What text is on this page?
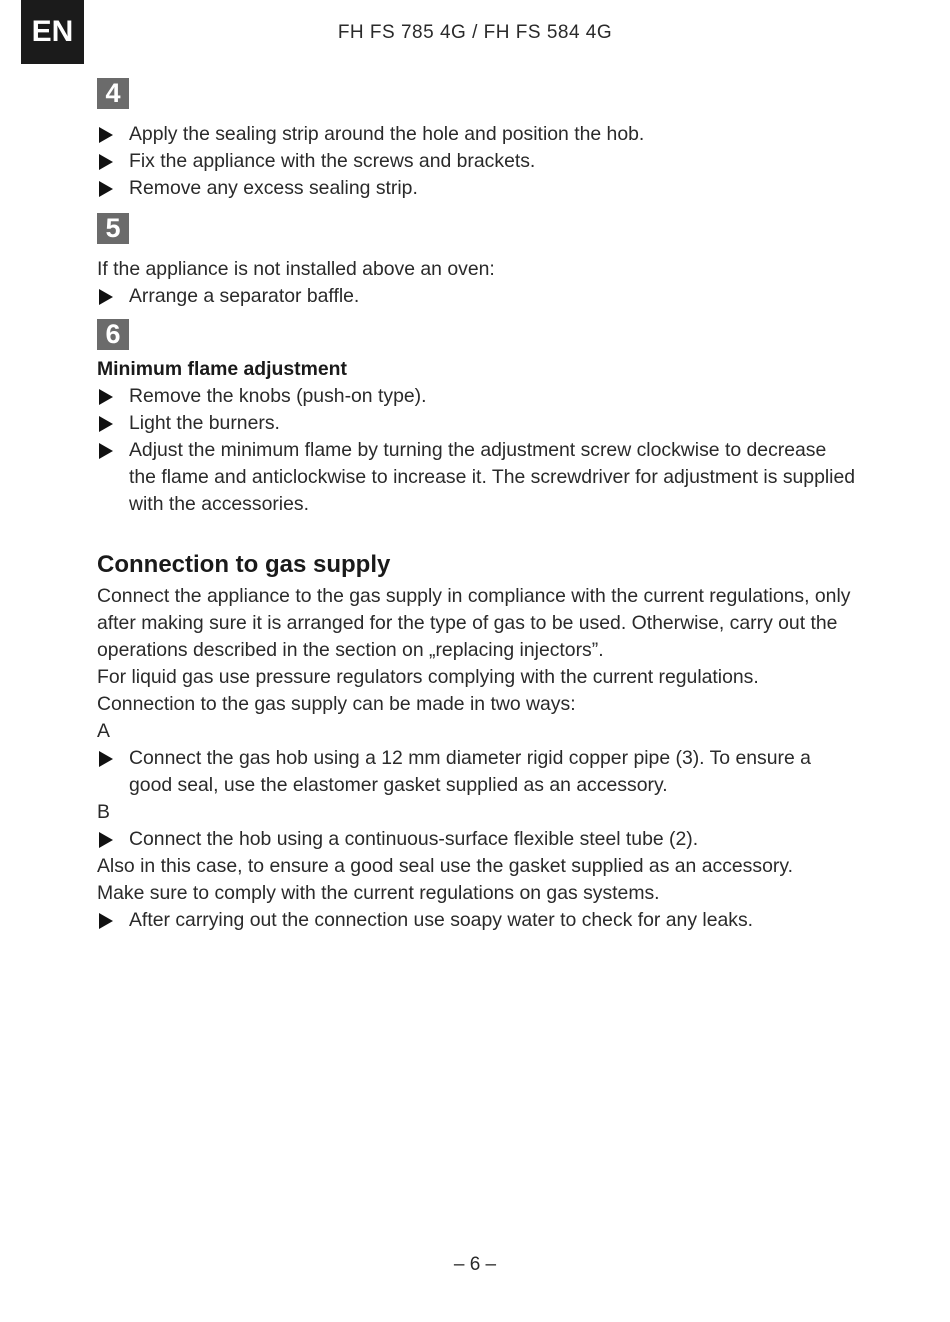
EN	FH FS 785 4G / FH FS 584 4G
4
Apply the sealing strip around the hole and position the hob.
Fix the appliance with the screws and brackets.
Remove any excess sealing strip.
5

If the appliance is not installed above an oven:

Arrange a separator baffle.
6

Minimum flame adjustment

Remove the knobs (push-on type).
Light the burners.
Adjust the minimum flame by turning the adjustment screw clockwise to decrease the flame and anticlockwise to increase it. The screwdriver for adjustment is supplied with the accessories.
Connection to gas supply

Connect the appliance to the gas supply in compliance with the current regulations, only after making sure it is arranged for the type of gas to be used. Otherwise, carry out the operations described in the section on „replacing injectors”.

For liquid gas use pressure regulators complying with the current regulations.

Connection to the gas supply can be made in two ways:

A

Connect the gas hob using a 12 mm diameter rigid copper pipe (3). To ensure a good seal, use the elastomer gasket supplied as an accessory.

B

Connect the hob using a continuous-surface flexible steel tube (2).

Also in this case, to ensure a good seal use the gasket supplied as an accessory.

Make sure to comply with the current regulations on gas systems.

After carrying out the connection use soapy water to check for any leaks.
– 6 –
